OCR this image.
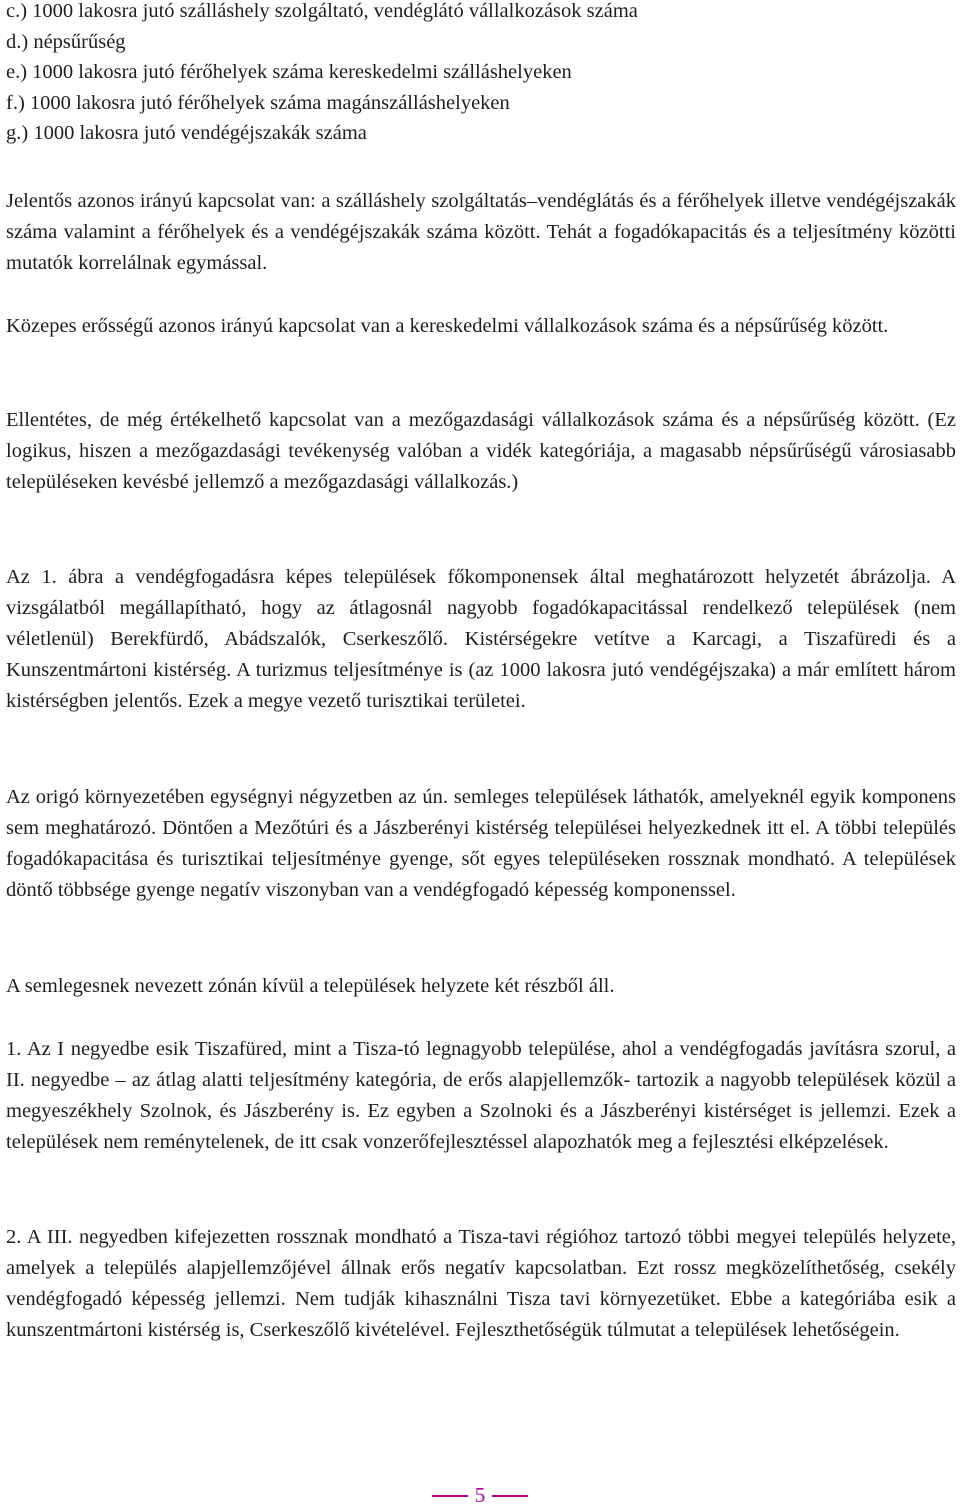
c.) 1000 lakosra jutó szálláshely szolgáltató, vendéglátó vállalkozások száma
d.) népsűrűség
e.) 1000 lakosra jutó férőhelyek száma kereskedelmi szálláshelyeken
f.) 1000 lakosra jutó férőhelyek száma magánszálláshelyeken
g.) 1000 lakosra jutó vendégéjszakák száma

Jelentős azonos irányú kapcsolat van: a szálláshely szolgáltatás–vendéglátás és a férőhelyek illetve vendégéjszakák száma valamint a férőhelyek és a vendégéjszakák száma között. Tehát a fogadókapacitás és a teljesítmény közötti mutatók korrelálnak egymással.

Közepes erősségű azonos irányú kapcsolat van a kereskedelmi vállalkozások száma és a népsűrűség között.

Ellentétes, de még értékelhető kapcsolat van a mezőgazdasági vállalkozások száma és a népsűrűség között. (Ez logikus, hiszen a mezőgazdasági tevékenység valóban a vidék kategóriája, a magasabb népsűrűségű városiasabb településeken kevésbé jellemző a mezőgazdasági vállalkozás.)

Az 1. ábra a vendégfogadásra képes települések főkomponensek által meghatározott helyzetét ábrázolja. A vizsgálatból megállapítható, hogy az átlagosnál nagyobb fogadókapacitással rendelkező települések (nem véletlenül) Berekfürdő, Abádszalók, Cserkeszőlő. Kistérségekre vetítve a Karcagi, a Tiszafüredi és a Kunszentmártoni kistérség. A turizmus teljesítménye is (az 1000 lakosra jutó vendégéjszaka) a már említett három kistérségben jelentős. Ezek a megye vezető turisztikai területei.

Az origó környezetében egységnyi négyzetben az ún. semleges települések láthatók, amelyeknél egyik komponens sem meghatározó. Döntően a Mezőtúri és a Jászberényi kistérség települései helyezkednek itt el. A többi település fogadókapacitása és turisztikai teljesítménye gyenge, sőt egyes településeken rossznak mondható. A települések döntő többsége gyenge negatív viszonyban van a vendégfogadó képesség komponenssel.

A semlegesnek nevezett zónán kívül a települések helyzete két részből áll.

1. Az I negyedbe esik Tiszafüred, mint a Tisza-tó legnagyobb települése, ahol a vendégfogadás javításra szorul, a II. negyedbe – az átlag alatti teljesítmény kategória, de erős alapjellemzők- tartozik a nagyobb települések közül a megyeszékhely Szolnok, és Jászberény is. Ez egyben a Szolnoki és a Jászberényi kistérséget is jellemzi. Ezek a települések nem reménytelenek, de itt csak vonzerőfejlesztéssel alapozhatók meg a fejlesztési elképzelések.

2. A III. negyedben kifejezetten rossznak mondható a Tisza-tavi régióhoz tartozó többi megyei település helyzete, amelyek a település alapjellemzőjével állnak erős negatív kapcsolatban. Ezt rossz megközelíthetőség, csekély vendégfogadó képesség jellemzi. Nem tudják kihasználni Tisza tavi környezetüket. Ebbe a kategóriába esik a kunszentmártoni kistérség is, Cserkeszőlő kivételével. Fejleszthetőségük túlmutat a települések lehetőségein.

5
